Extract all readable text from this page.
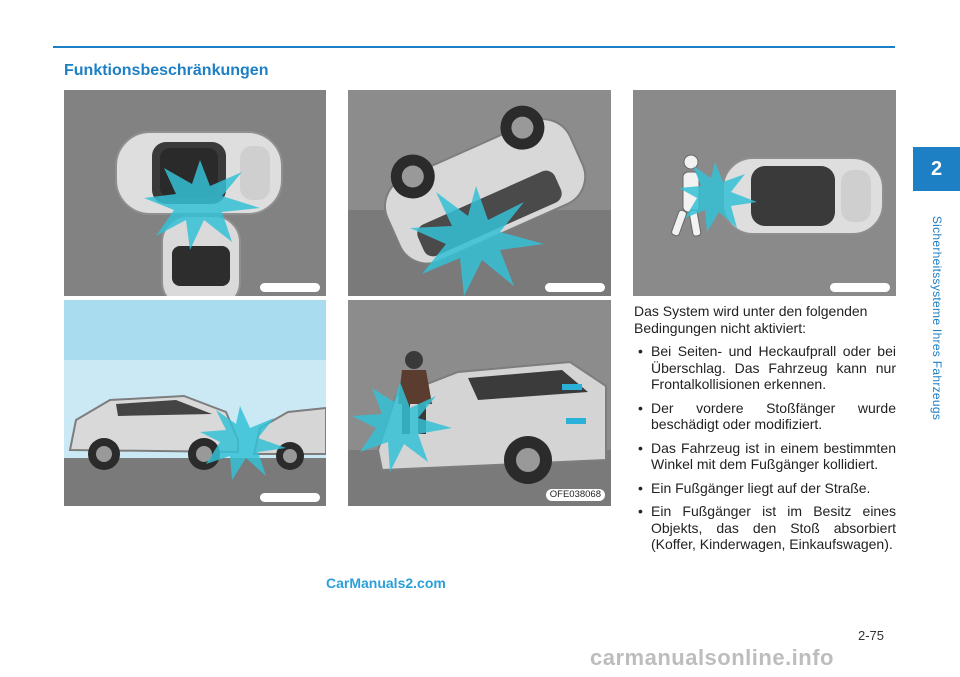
Funktionsbeschränkungen
2
Sicherheitssysteme Ihres Fahrzeugs
OFE038068

Das System wird unter den folgenden Bedingungen nicht aktiviert:

• Bei Seiten- und Heckaufprall oder bei Überschlag. Das Fahrzeug kann nur Frontalkollisionen erkennen.
• Der vordere Stoßfänger wurde beschädigt oder modifiziert.
• Das Fahrzeug ist in einem bestimmten Winkel mit dem Fußgänger kollidiert.
• Ein Fußgänger liegt auf der Straße.
• Ein Fußgänger ist im Besitz eines Objekts, das den Stoß absorbiert (Koffer, Kinderwagen, Einkaufswagen).
CarManuals2.com
2-75
carmanualsonline.info
